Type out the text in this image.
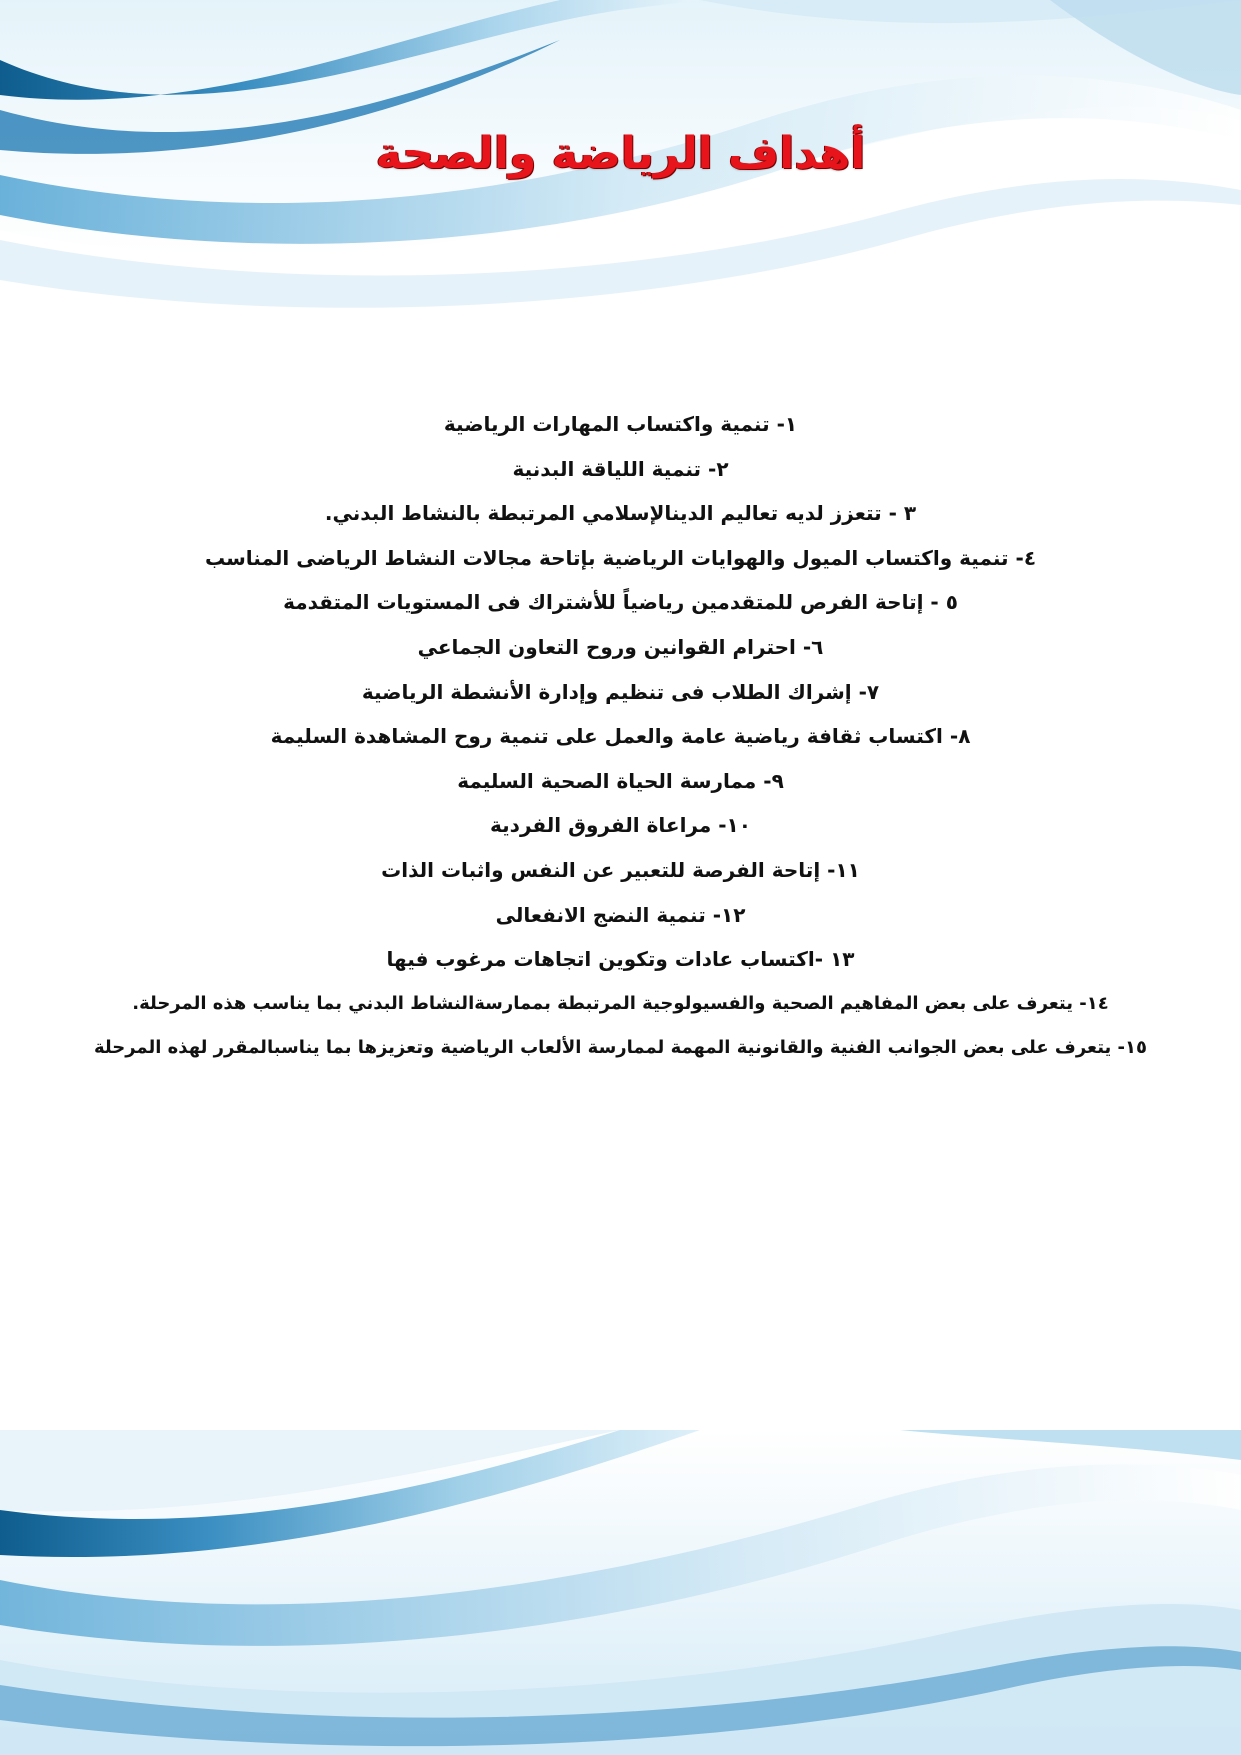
أهداف الرياضة والصحة
١- تنمية واكتساب المهارات الرياضية
٢- تنمية اللياقة البدنية
٣ - تتعزز لديه تعاليم الدينالإسلامي المرتبطة بالنشاط البدني.
٤- تنمية واكتساب الميول والهوايات الرياضية بإتاحة مجالات النشاط الرياضى المناسب
٥ - إتاحة الفرص للمتقدمين رياضياً للأشتراك فى المستويات المتقدمة
٦- احترام القوانين وروح التعاون الجماعي
٧- إشراك الطلاب فى تنظيم وإدارة الأنشطة الرياضية
٨- اكتساب ثقافة رياضية عامة والعمل على تنمية روح المشاهدة السليمة
٩- ممارسة الحياة الصحية السليمة
١٠- مراعاة الفروق الفردية
١١- إتاحة الفرصة للتعبير عن النفس واثبات الذات
١٢- تنمية النضج الانفعالى
١٣ -اكتساب عادات وتكوين اتجاهات مرغوب فيها
١٤- يتعرف على بعض المفاهيم الصحية والفسيولوجية المرتبطة بممارسةالنشاط البدني بما يناسب هذه المرحلة.
١٥- يتعرف على بعض الجوانب الفنية والقانونية المهمة لممارسة الألعاب الرياضية وتعزيزها بما يناسبالمقرر لهذه المرحلة
